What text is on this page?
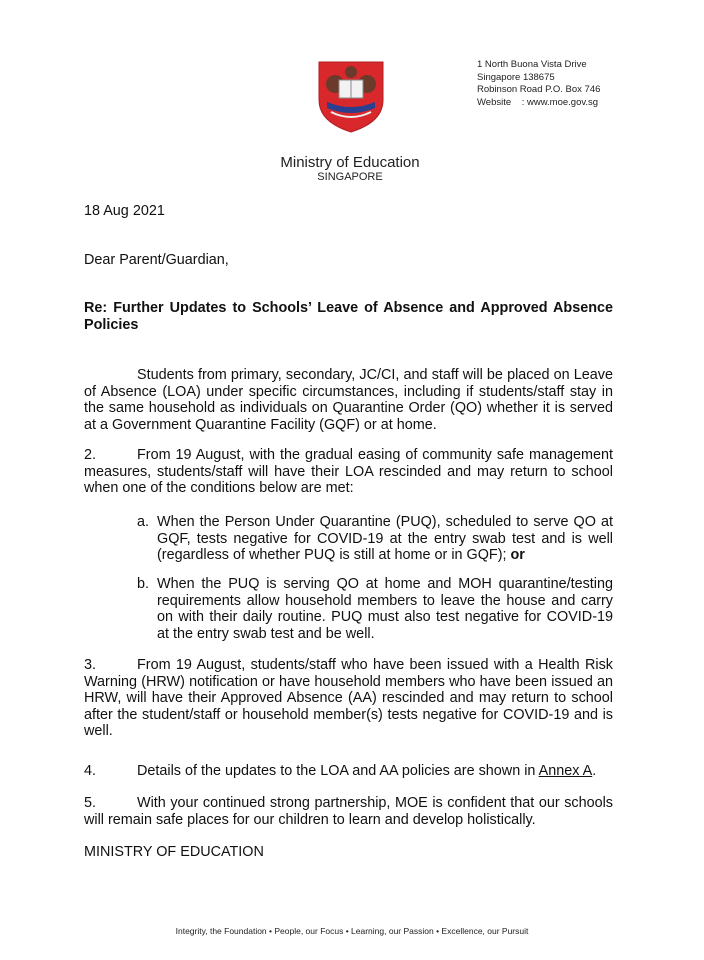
1 North Buona Vista Drive
Singapore 138675
Robinson Road P.O. Box 746
Website    : www.moe.gov.sg
Ministry of Education
SINGAPORE
18 Aug 2021
Dear Parent/Guardian,
Re: Further Updates to Schools’ Leave of Absence and Approved Absence Policies
Students from primary, secondary, JC/CI, and staff will be placed on Leave of Absence (LOA) under specific circumstances, including if students/staff stay in the same household as individuals on Quarantine Order (QO) whether it is served at a Government Quarantine Facility (GQF) or at home.
2.	From 19 August, with the gradual easing of community safe management measures, students/staff will have their LOA rescinded and may return to school when one of the conditions below are met:
a. When the Person Under Quarantine (PUQ), scheduled to serve QO at GQF, tests negative for COVID-19 at the entry swab test and is well (regardless of whether PUQ is still at home or in GQF); or
b. When the PUQ is serving QO at home and MOH quarantine/testing requirements allow household members to leave the house and carry on with their daily routine. PUQ must also test negative for COVID-19 at the entry swab test and be well.
3.	From 19 August, students/staff who have been issued with a Health Risk Warning (HRW) notification or have household members who have been issued an HRW, will have their Approved Absence (AA) rescinded and may return to school after the student/staff or household member(s) tests negative for COVID-19 and is well.
4.	Details of the updates to the LOA and AA policies are shown in Annex A.
5.	With your continued strong partnership, MOE is confident that our schools will remain safe places for our children to learn and develop holistically.
MINISTRY OF EDUCATION
Integrity, the Foundation • People, our Focus • Learning, our Passion • Excellence, our Pursuit
